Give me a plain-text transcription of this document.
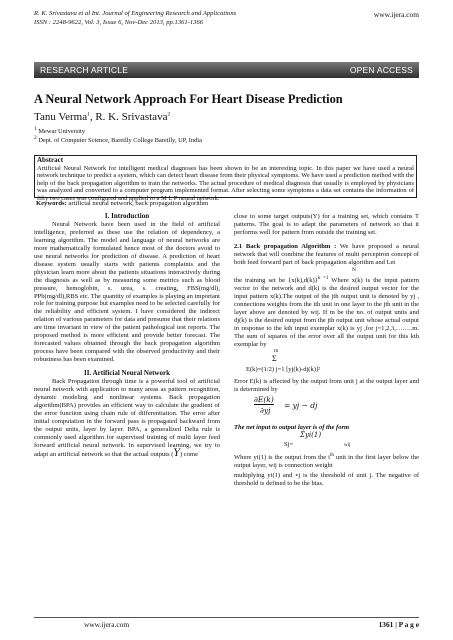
R. K. Srivastava et al Int. Journal of Engineering Research and Applications
ISSN : 2248-9622, Vol. 3, Issue 6, Nov-Dec 2013, pp.1361-1366
www.ijera.com
RESEARCH ARTICLE	OPEN ACCESS
A Neural Network Approach For Heart Disease Prediction
Tanu Verma$^1$, R. K. Srivastava$^2$
$^1$ Mewar University
$^2$ Dept. of Computer Science, Bareilly College Bareilly, UP, India
Abstract

Artificial Neural Network for intelligent medical diagnoses has been shown to be an interesting topic. In this paper we have used a neural network technique to predict a system, which can detect heart disease from their physical symptoms. We have used a prediction method with the help of the back propagation algorithm to train the networks. The actual procedure of medical diagnosis that usually is employed by physicians was analyzed and converted to a computer program implemented format. After selecting some symptoms a data set contains the information of fifty two cases was configured and applied to a M L P neural network.

Keywords: artificial neural network, back propagation algorithm

I. Introduction

Neural Network have been used in the field of artificial intelligence, preferred as these use the relation of dependency, a learning algorithm. The model and language of neural networks are more mathematically formulated hence most of the doctors avoid to use neural networks for prediction of disease. A prediction of heart disease system usually starts with patients complaints and the physician learn more about the patients situations interactively during the diagnosis as well as by measuring some metrics such as blood pressure, hemoglobin, s. urea, s. creating, FBS(mg/dl), PPb(mg/dl),RBS etc. The quantity of examples is playing an important role for training purpose but examples need to be selected carefully for the reliability and efficient system. I have considered the indirect relation of various parameters for data and presume that their relations are time invariant in view of the patient pathological test reports. The proposed method is more efficient and provide better forecast. The forecasted values obtained through the back propagation algorithm process have been compared with the observed productivity and their robustness has been examined.

II. Artificial Neural Network

Back Propagation through time is a powerful tool of artificial neural network with application to many areas as pattern recognition, dynamic modeling and nonlinear systems. Back propagation algorithm(BPA) provides an efficient way to calculate the gradient of the error function using chain rule of differentiation. The error after initial computation in the forward pass is propagated backward from the output units, layer by layer. BPA, a generalized Delta rule is commonly used algorithm for supervised training of multi layer feed forward artificial neural network. In supervised learning, we try to adapt an artificial network so that the actual outputs (Y) come

close to some target outputs(Y) for a training set, which contains T patterns. The goal is to adapt the parameters of network so that it performs well for pattern from outside the training set.

2.1 Back propagation Algorithm : We have proposed a neural network that will combine the features of multi perceptron concept of both feed forward part of back propagation algorithm and Let

N

the training set be $\{x(k),d(k)\}^{k =1}$ Where x(k) is the input pattern vector to the network and d(k) is the desired output vector for the input pattern x(k).The output of the jth output unit is denoted by yj , connections weights from the ith unit in one layer to the jth unit in the layer above are denoted by wij. If m be the no. of output units and dj(k) is the desired output from the jth output unit whose actual output in response to the kth input exemplar x(k) is yj ,for j=1,2,3,……..m. The sum of squares of the error over all the output unit for this kth exemplar by

m
Σ
E(k)=(1/2) j=1 [yj(k)-dj(k)]²

Error E(k) is affected by the output from unit j at the output layer and is determined by

∂E(k)
∂yj
= yj − dj

The net input to output layer is of the form

Σyi(1)
Sj=	wij

Where yi(1) is the output from the $i^{th}$ unit in the first layer below the output layer, wij is connection weight

multiplying yi(1) and ∘j is the threshold of unit j. The negative of threshold is defined to be the bias.

www.ijera.com	1361 | P a g e
